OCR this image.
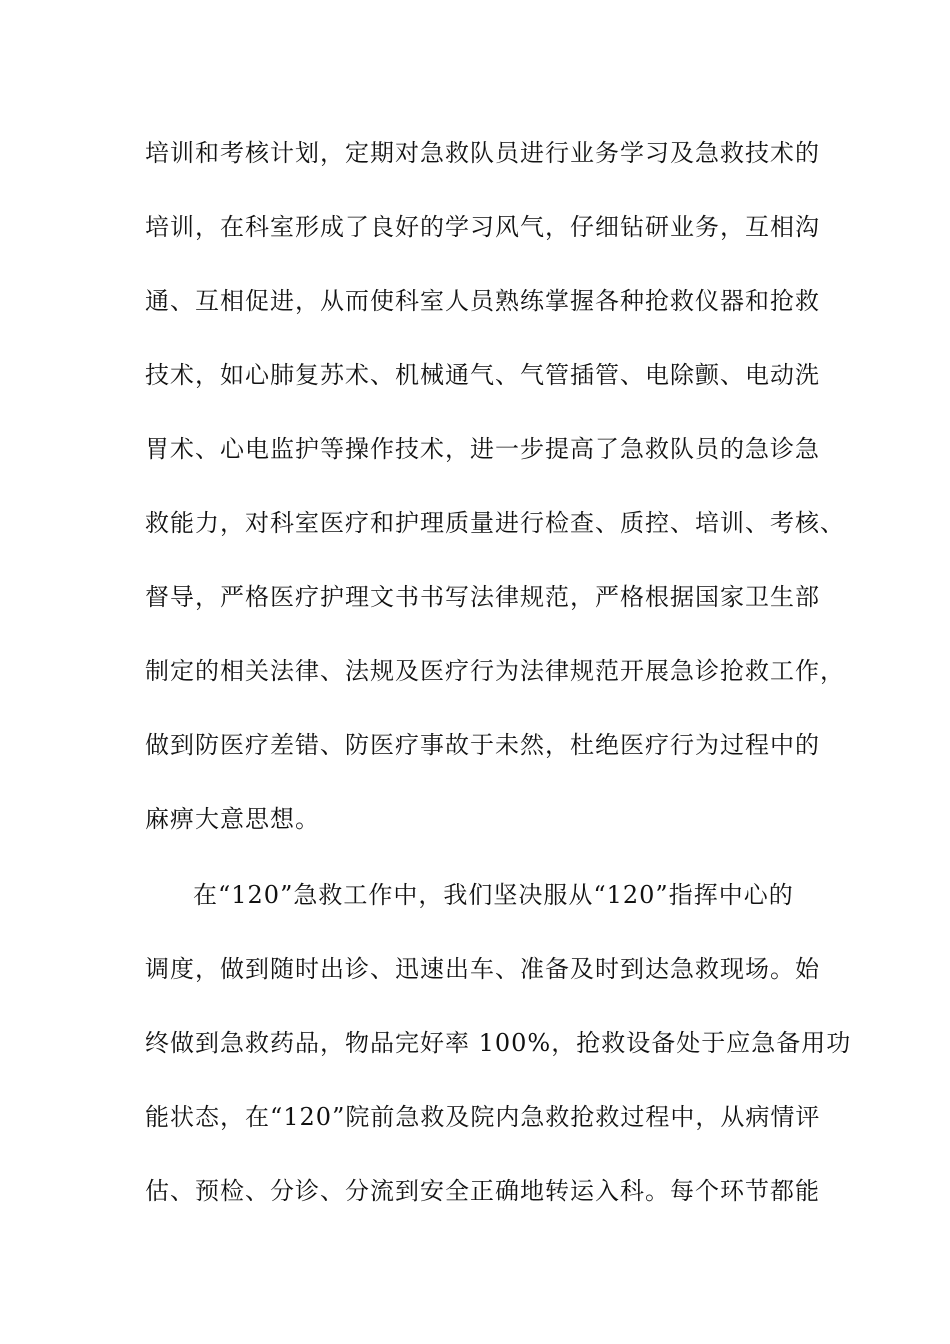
培训和考核计划，定期对急救队员进行业务学习及急救技术的
培训，在科室形成了良好的学习风气，仔细钻研业务，互相沟
通、互相促进，从而使科室人员熟练掌握各种抢救仪器和抢救
技术，如心肺复苏术、机械通气、气管插管、电除颤、电动洗
胃术、心电监护等操作技术，进一步提高了急救队员的急诊急
救能力，对科室医疗和护理质量进行检查、质控、培训、考核、
督导，严格医疗护理文书书写法律规范，严格根据国家卫生部
制定的相关法律、法规及医疗行为法律规范开展急诊抢救工作，
做到防医疗差错、防医疗事故于未然，杜绝医疗行为过程中的
麻痹大意思想。
在“120”急救工作中，我们坚决服从“120”指挥中心的
调度，做到随时出诊、迅速出车、准备及时到达急救现场。始
终做到急救药品，物品完好率 100%，抢救设备处于应急备用功
能状态，在“120”院前急救及院内急救抢救过程中，从病情评
估、预检、分诊、分流到安全正确地转运入科。每个环节都能
